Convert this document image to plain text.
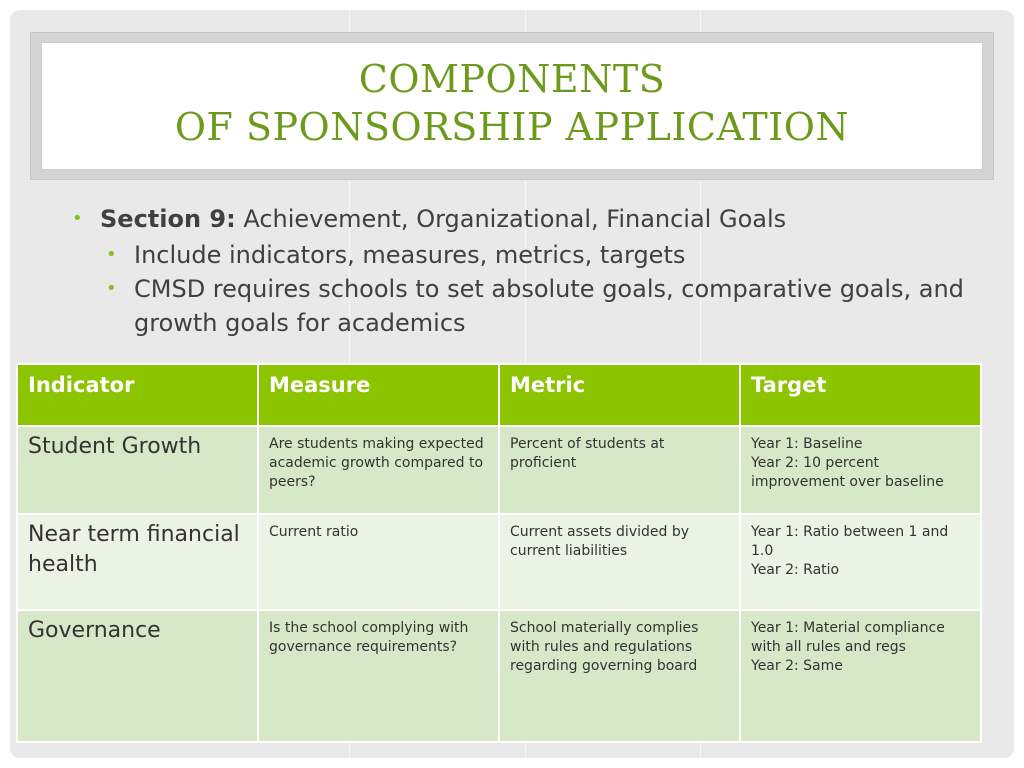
COMPONENTS
OF SPONSORSHIP APPLICATION
• Section 9: Achievement, Organizational, Financial Goals
• Include indicators, measures, metrics, targets
• CMSD requires schools to set absolute goals, comparative goals, and growth goals for academics
Indicator	Measure	Metric	Target
Student Growth	Are students making expected academic growth compared to peers?	Percent of students at proficient	Year 1: Baseline
Year 2: 10 percent improvement over baseline

Near term financial health	Current ratio	Current assets divided by current liabilities	Year 1: Ratio between 1 and 1.0
Year 2: Ratio

Governance	Is the school complying with governance requirements?	School materially complies with rules and regulations regarding governing board	Year 1: Material compliance with all rules and regs
Year 2: Same
